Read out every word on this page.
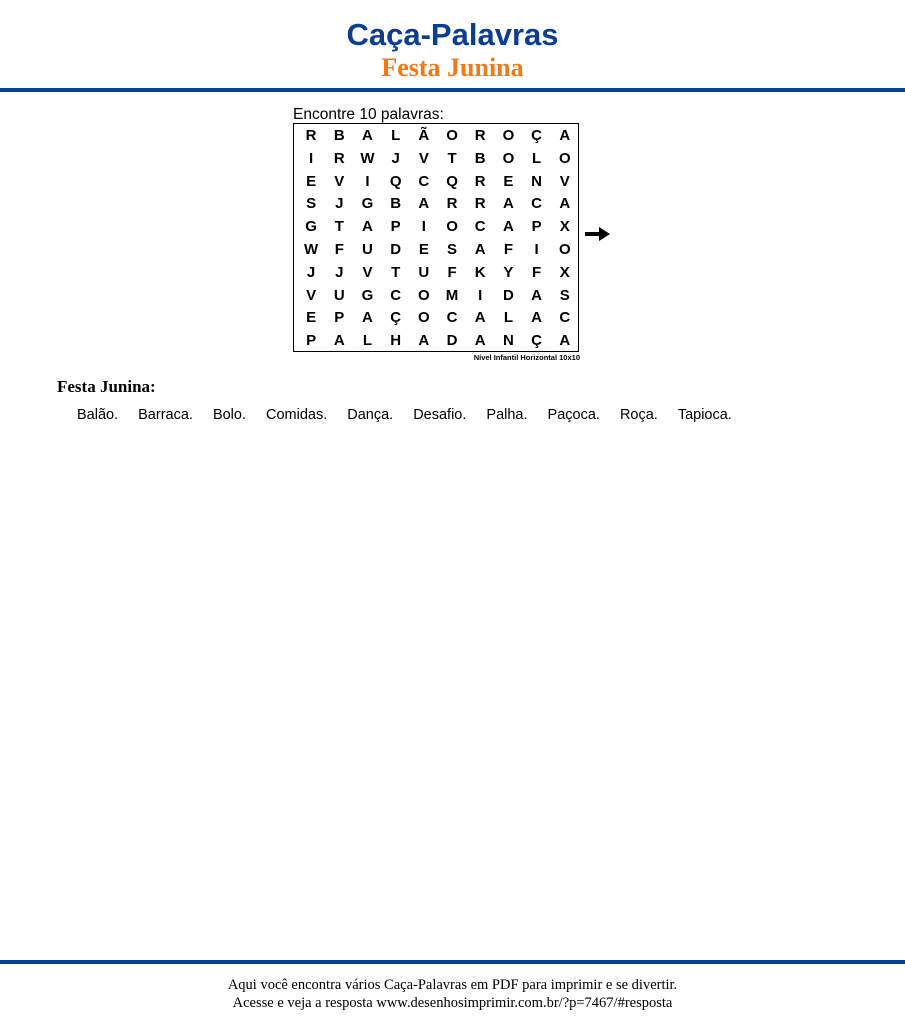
Caça-Palavras
Festa Junina
Encontre 10 palavras:
R	B	A	L	Ã	O	R	O	Ç	A
I	R	W	J	V	T	B	O	L	O
E	V	I	Q	C	Q	R	E	N	V
S	J	G	B	A	R	R	A	C	A
G	T	A	P	I	O	C	A	P	X
W	F	U	D	E	S	A	F	I	O
J	J	V	T	U	F	K	Y	F	X
V	U	G	C	O	M	I	D	A	S
E	P	A	Ç	O	C	A	L	A	C
P	A	L	H	A	D	A	N	Ç	A
Nível Infantil Horizontal 10x10
Festa Junina:
Balão. Barraca. Bolo. Comidas. Dança. Desafio. Palha. Paçoca. Roça. Tapioca.
Aqui você encontra vários Caça-Palavras em PDF para imprimir e se divertir.
Acesse e veja a resposta www.desenhosimprimir.com.br/?p=7467/#resposta
